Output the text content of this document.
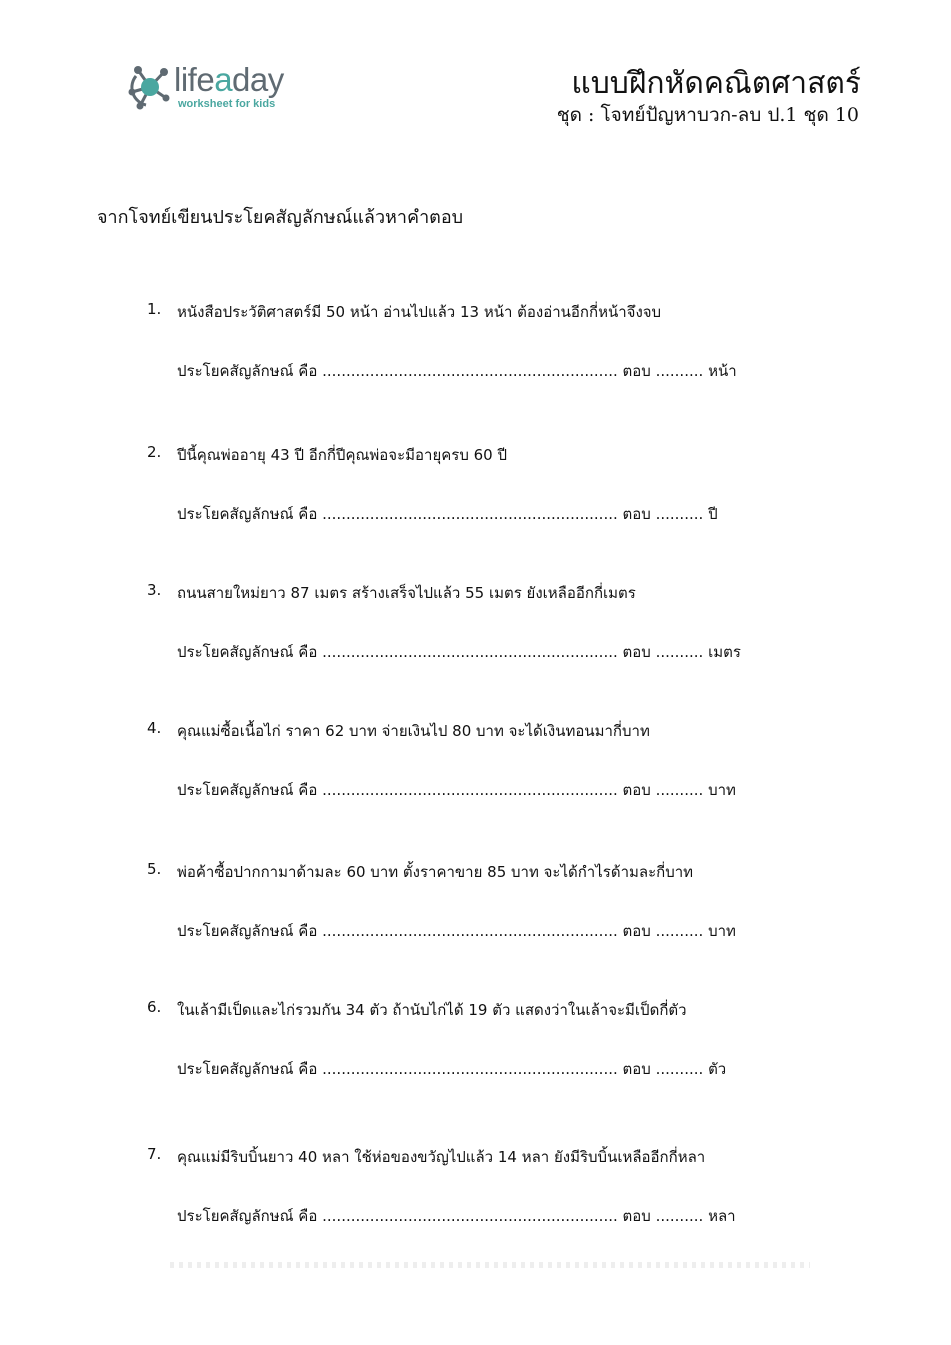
lifeaday
worksheet for kids
แบบฝึกหัดคณิตศาสตร์
ชุด : โจทย์ปัญหาบวก-ลบ ป.1 ชุด 10
จากโจทย์เขียนประโยคสัญลักษณ์แล้วหาคำตอบ
1. หนังสือประวัติศาสตร์มี 50 หน้า อ่านไปแล้ว 13 หน้า ต้องอ่านอีกกี่หน้าจึงจบ
ประโยคสัญลักษณ์ คือ .............................................................. ตอบ .......... หน้า
2. ปีนี้คุณพ่ออายุ 43 ปี อีกกี่ปีคุณพ่อจะมีอายุครบ 60 ปี
ประโยคสัญลักษณ์ คือ .............................................................. ตอบ .......... ปี
3. ถนนสายใหม่ยาว 87 เมตร สร้างเสร็จไปแล้ว 55 เมตร ยังเหลืออีกกี่เมตร
ประโยคสัญลักษณ์ คือ .............................................................. ตอบ .......... เมตร
4. คุณแม่ซื้อเนื้อไก่ ราคา 62 บาท จ่ายเงินไป 80 บาท จะได้เงินทอนมากี่บาท
ประโยคสัญลักษณ์ คือ .............................................................. ตอบ .......... บาท
5. พ่อค้าซื้อปากกามาด้ามละ 60 บาท ตั้งราคาขาย 85 บาท จะได้กำไรด้ามละกี่บาท
ประโยคสัญลักษณ์ คือ .............................................................. ตอบ .......... บาท
6. ในเล้ามีเป็ดและไก่รวมกัน 34 ตัว ถ้านับไก่ได้ 19 ตัว แสดงว่าในเล้าจะมีเป็ดกี่ตัว
ประโยคสัญลักษณ์ คือ .............................................................. ตอบ .......... ตัว
7. คุณแม่มีริบบิ้นยาว 40 หลา ใช้ห่อของขวัญไปแล้ว 14 หลา ยังมีริบบิ้นเหลืออีกกี่หลา
ประโยคสัญลักษณ์ คือ .............................................................. ตอบ .......... หลา
